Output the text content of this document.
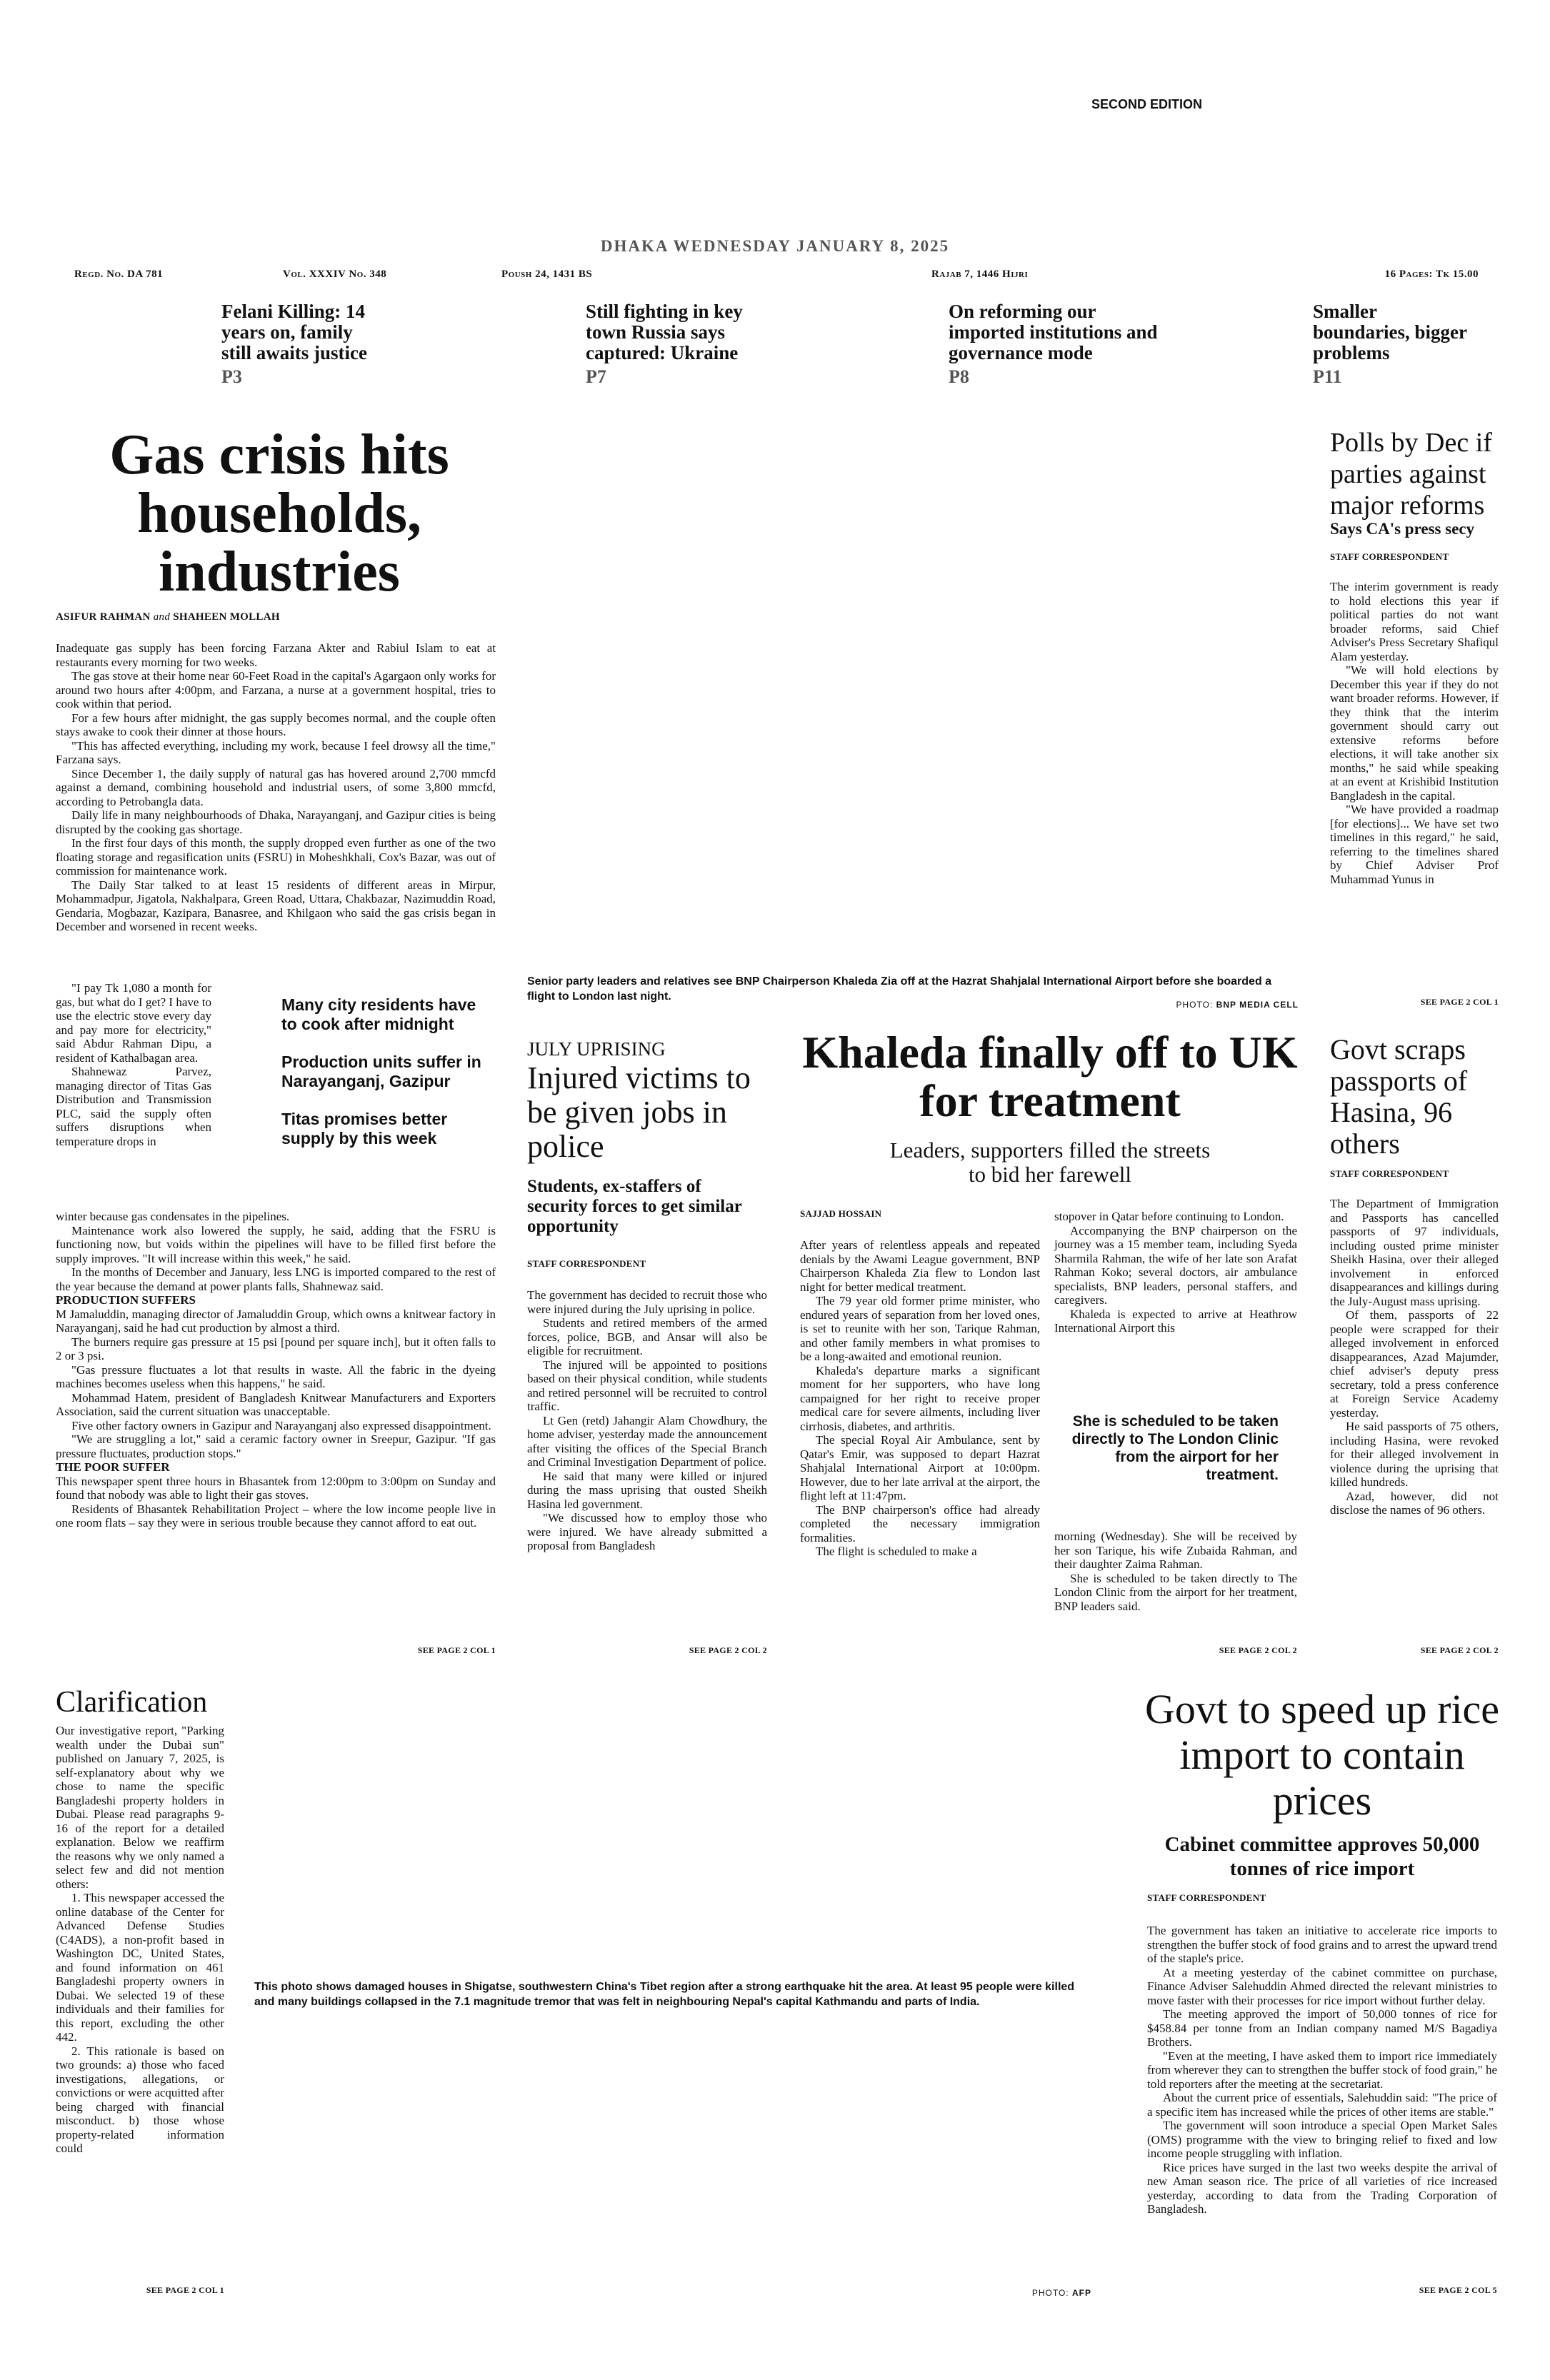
SECOND EDITION
DHAKA WEDNESDAY JANUARY 8, 2025
Regd. No. DA 781	Vol. XXXIV No. 348	Poush 24, 1431 BS	Rajab 7, 1446 Hijri	16 Pages: Tk 15.00
Felani Killing: 14 years on, family still awaits justice
P3
Still fighting in key town Russia says captured: Ukraine
P7
On reforming our imported institutions and governance mode
P8
Smaller boundaries, bigger problems
P11
Gas crisis hits households, industries
ASIFUR RAHMAN and SHAHEEN MOLLAH

Inadequate gas supply has been forcing Farzana Akter and Rabiul Islam to eat at restaurants every morning for two weeks.

The gas stove at their home near 60-Feet Road in the capital's Agargaon only works for around two hours after 4:00pm, and Farzana, a nurse at a government hospital, tries to cook within that period.

For a few hours after midnight, the gas supply becomes normal, and the couple often stays awake to cook their dinner at those hours.

"This has affected everything, including my work, because I feel drowsy all the time," Farzana says.

Since December 1, the daily supply of natural gas has hovered around 2,700 mmcfd against a demand, combining household and industrial users, of some 3,800 mmcfd, according to Petrobangla data.

Daily life in many neighbourhoods of Dhaka, Narayanganj, and Gazipur cities is being disrupted by the cooking gas shortage.

In the first four days of this month, the supply dropped even further as one of the two floating storage and regasification units (FSRU) in Moheshkhali, Cox's Bazar, was out of commission for maintenance work.

The Daily Star talked to at least 15 residents of different areas in Mirpur, Mohammadpur, Jigatola, Nakhalpara, Green Road, Uttara, Chakbazar, Nazimuddin Road, Gendaria, Mogbazar, Kazipara, Banasree, and Khilgaon who said the gas crisis began in December and worsened in recent weeks.

"I pay Tk 1,080 a month for gas, but what do I get? I have to use the electric stove every day and pay more for electricity," said Abdur Rahman Dipu, a resident of Kathalbagan area.

Shahnewaz Parvez, managing director of Titas Gas Distribution and Transmission PLC, said the supply often suffers disruptions when temperature drops in

Many city residents have to cook after midnight
Production units suffer in Narayanganj, Gazipur
Titas promises better supply by this week

winter because gas condensates in the pipelines.

Maintenance work also lowered the supply, he said, adding that the FSRU is functioning now, but voids within the pipelines will have to be filled first before the supply improves. "It will increase within this week," he said.

In the months of December and January, less LNG is imported compared to the rest of the year because the demand at power plants falls, Shahnewaz said.

PRODUCTION SUFFERS

M Jamaluddin, managing director of Jamaluddin Group, which owns a knitwear factory in Narayanganj, said he had cut production by almost a third.

The burners require gas pressure at 15 psi [pound per square inch], but it often falls to 2 or 3 psi.

"Gas pressure fluctuates a lot that results in waste. All the fabric in the dyeing machines becomes useless when this happens," he said.

Mohammad Hatem, president of Bangladesh Knitwear Manufacturers and Exporters Association, said the current situation was unacceptable.

Five other factory owners in Gazipur and Narayanganj also expressed disappointment.

"We are struggling a lot," said a ceramic factory owner in Sreepur, Gazipur. "If gas pressure fluctuates, production stops."

THE POOR SUFFER

This newspaper spent three hours in Bhasantek from 12:00pm to 3:00pm on Sunday and found that nobody was able to light their gas stoves.

Residents of Bhasantek Rehabilitation Project – where the low income people live in one room flats – say they were in serious trouble because they cannot afford to eat out.

SEE PAGE 2 COL 1
Senior party leaders and relatives see BNP Chairperson Khaleda Zia off at the Hazrat Shahjalal International Airport before she boarded a flight to London last night.
PHOTO: BNP MEDIA CELL
Polls by Dec if parties against major reforms
Says CA's press secy
STAFF CORRESPONDENT

The interim government is ready to hold elections this year if political parties do not want broader reforms, said Chief Adviser's Press Secretary Shafiqul Alam yesterday.

"We will hold elections by December this year if they do not want broader reforms. However, if they think that the interim government should carry out extensive reforms before elections, it will take another six months," he said while speaking at an event at Krishibid Institution Bangladesh in the capital.

"We have provided a roadmap [for elections]... We have set two timelines in this regard," he said, referring to the timelines shared by Chief Adviser Prof Muhammad Yunus in

SEE PAGE 2 COL 1
JULY UPRISING
Injured victims to be given jobs in police
Students, ex-staffers of security forces to get similar opportunity
STAFF CORRESPONDENT

The government has decided to recruit those who were injured during the July uprising in police.

Students and retired members of the armed forces, police, BGB, and Ansar will also be eligible for recruitment.

The injured will be appointed to positions based on their physical condition, while students and retired personnel will be recruited to control traffic.

Lt Gen (retd) Jahangir Alam Chowdhury, the home adviser, yesterday made the announcement after visiting the offices of the Special Branch and Criminal Investigation Department of police.

He said that many were killed or injured during the mass uprising that ousted Sheikh Hasina led government.

"We discussed how to employ those who were injured. We have already submitted a proposal from Bangladesh

SEE PAGE 2 COL 2
Khaleda finally off to UK for treatment
Leaders, supporters filled the streets to bid her farewell
SAJJAD HOSSAIN

After years of relentless appeals and repeated denials by the Awami League government, BNP Chairperson Khaleda Zia flew to London last night for better medical treatment.

The 79 year old former prime minister, who endured years of separation from her loved ones, is set to reunite with her son, Tarique Rahman, and other family members in what promises to be a long-awaited and emotional reunion.

Khaleda's departure marks a significant moment for her supporters, who have long campaigned for her right to receive proper medical care for severe ailments, including liver cirrhosis, diabetes, and arthritis.

The special Royal Air Ambulance, sent by Qatar's Emir, was supposed to depart Hazrat Shahjalal International Airport at 10:00pm. However, due to her late arrival at the airport, the flight left at 11:47pm.

The BNP chairperson's office had already completed the necessary immigration formalities.

The flight is scheduled to make a

stopover in Qatar before continuing to London.

Accompanying the BNP chairperson on the journey was a 15 member team, including Syeda Sharmila Rahman, the wife of her late son Arafat Rahman Koko; several doctors, air ambulance specialists, BNP leaders, personal staffers, and caregivers.

Khaleda is expected to arrive at Heathrow International Airport this

She is scheduled to be taken directly to The London Clinic from the airport for her treatment.

morning (Wednesday). She will be received by her son Tarique, his wife Zubaida Rahman, and their daughter Zaima Rahman.

She is scheduled to be taken directly to The London Clinic from the airport for her treatment, BNP leaders said.

SEE PAGE 2 COL 2
Govt scraps passports of Hasina, 96 others
STAFF CORRESPONDENT

The Department of Immigration and Passports has cancelled passports of 97 individuals, including ousted prime minister Sheikh Hasina, over their alleged involvement in enforced disappearances and killings during the July-August mass uprising.

Of them, passports of 22 people were scrapped for their alleged involvement in enforced disappearances, Azad Majumder, chief adviser's deputy press secretary, told a press conference at Foreign Service Academy yesterday.

He said passports of 75 others, including Hasina, were revoked for their alleged involvement in violence during the uprising that killed hundreds.

Azad, however, did not disclose the names of 96 others.

SEE PAGE 2 COL 2
Clarification

Our investigative report, "Parking wealth under the Dubai sun" published on January 7, 2025, is self-explanatory about why we chose to name the specific Bangladeshi property holders in Dubai. Please read paragraphs 9-16 of the report for a detailed explanation. Below we reaffirm the reasons why we only named a select few and did not mention others:

1. This newspaper accessed the online database of the Center for Advanced Defense Studies (C4ADS), a non-profit based in Washington DC, United States, and found information on 461 Bangladeshi property owners in Dubai. We selected 19 of these individuals and their families for this report, excluding the other 442.

2. This rationale is based on two grounds: a) those who faced investigations, allegations, or convictions or were acquitted after being charged with financial misconduct. b) those whose property-related information could

SEE PAGE 2 COL 1
This photo shows damaged houses in Shigatse, southwestern China's Tibet region after a strong earthquake hit the area. At least 95 people were killed and many buildings collapsed in the 7.1 magnitude tremor that was felt in neighbouring Nepal's capital Kathmandu and parts of India.
PHOTO: AFP
Govt to speed up rice import to contain prices
Cabinet committee approves 50,000 tonnes of rice import
STAFF CORRESPONDENT

The government has taken an initiative to accelerate rice imports to strengthen the buffer stock of food grains and to arrest the upward trend of the staple's price.

At a meeting yesterday of the cabinet committee on purchase, Finance Adviser Salehuddin Ahmed directed the relevant ministries to move faster with their processes for rice import without further delay.

The meeting approved the import of 50,000 tonnes of rice for $458.84 per tonne from an Indian company named M/S Bagadiya Brothers.

"Even at the meeting, I have asked them to import rice immediately from wherever they can to strengthen the buffer stock of food grain," he told reporters after the meeting at the secretariat.

About the current price of essentials, Salehuddin said: "The price of a specific item has increased while the prices of other items are stable."

The government will soon introduce a special Open Market Sales (OMS) programme with the view to bringing relief to fixed and low income people struggling with inflation.

Rice prices have surged in the last two weeks despite the arrival of new Aman season rice. The price of all varieties of rice increased yesterday, according to data from the Trading Corporation of Bangladesh.

SEE PAGE 2 COL 5
